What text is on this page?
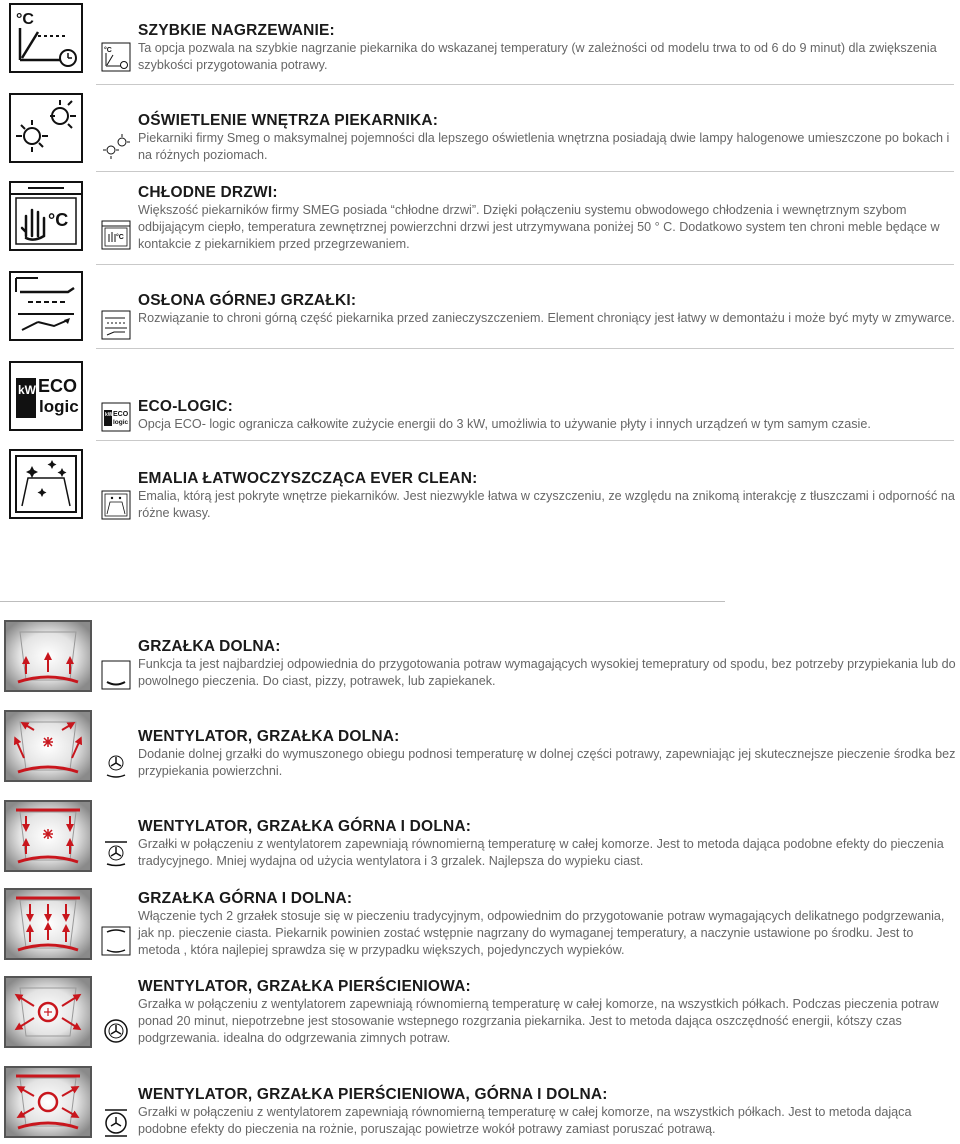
°C
°C
SZYBKIE NAGRZEWANIE:
Ta opcja pozwala na szybkie nagrzanie piekarnika do wskazanej temperatury (w zależności od modelu trwa to od 6 do 9 minut) dla zwiększenia szybkości przygotowania potrawy.
OŚWIETLENIE WNĘTRZA PIEKARNIKA:
Piekarniki firmy Smeg o maksymalnej pojemności dla lepszego oświetlenia wnętrzna posiadają dwie lampy halogenowe umieszczone po bokach i na różnych poziomach.
°C
°C
CHŁODNE DRZWI:
Większość piekarników firmy SMEG posiada “chłodne drzwi”. Dzięki połączeniu systemu obwodowego chłodzenia i wewnętrznym szybom odbijającym ciepło, temperatura zewnętrznej powierzchni drzwi jest utrzymywana poniżej 50 ° C. Dodatkowo system ten chroni meble będące w kontakcie z piekarnikiem przed przegrzewaniem.
OSŁONA GÓRNEJ GRZAŁKI:
Rozwiązanie to chroni górną część piekarnika przed zanieczyszczeniem. Element chroniący jest łatwy w demontażu i może być myty w zmywarce.
kW ECO
logic	kW ECO
logic
ECO-LOGIC:
Opcja ECO- logic ogranicza całkowite zużycie energii do 3 kW, umożliwia to używanie płyty i innych urządzeń w tym samym czasie.
EMALIA ŁATWOCZYSZCZĄCA EVER CLEAN:
Emalia, którą jest pokryte wnętrze piekarników. Jest niezwykle łatwa w czyszczeniu, ze względu na znikomą interakcję z tłuszczami i odporność na różne kwasy.
GRZAŁKA DOLNA:
Funkcja ta jest najbardziej odpowiednia do przygotowania potraw wymagających wysokiej temepratury od spodu, bez potrzeby przypiekania lub do powolnego pieczenia. Do ciast, pizzy, potrawek, lub zapiekanek.
WENTYLATOR, GRZAŁKA DOLNA:
Dodanie dolnej grzałki do wymuszonego obiegu podnosi temperaturę w dolnej części potrawy, zapewniając jej skutecznejsze pieczenie środka bez przypiekania powierzchni.
WENTYLATOR, GRZAŁKA GÓRNA I DOLNA:
Grzałki w połączeniu z wentylatorem zapewniają równomierną temperaturę w całej komorze. Jest to metoda dająca podobne efekty do pieczenia tradycyjnego. Mniej wydajna od użycia wentylatora i 3 grzalek. Najlepsza do wypieku ciast.
GRZAŁKA GÓRNA I DOLNA:
Włączenie tych 2 grzałek stosuje się w pieczeniu tradycyjnym, odpowiednim do przygotowanie potraw wymagających delikatnego podgrzewania, jak np. pieczenie ciasta. Piekarnik powinien zostać wstępnie nagrzany do wymaganej temperatury, a naczynie ustawione po środku. Jest to metoda , która najlepiej sprawdza się w przypadku większych, pojedynczych wypieków.
WENTYLATOR, GRZAŁKA PIERŚCIENIOWA:
Grzałka w połączeniu z wentylatorem zapewniają równomierną temperaturę w całej komorze, na wszystkich półkach. Podczas pieczenia potraw ponad 20 minut, niepotrzebne jest stosowanie wstepnego rozgrzania piekarnika. Jest to metoda dająca oszczędność energii, kótszy czas podgrzewania. idealna do odgrzewania zimnych potraw.
WENTYLATOR, GRZAŁKA PIERŚCIENIOWA, GÓRNA I DOLNA:
Grzałki w połączeniu z wentylatorem zapewniają równomierną temperaturę w całej komorze, na wszystkich półkach. Jest to metoda dająca podobne efekty do pieczenia na rożnie, poruszając powietrze wokół potrawy zamiast poruszać potrawą.
